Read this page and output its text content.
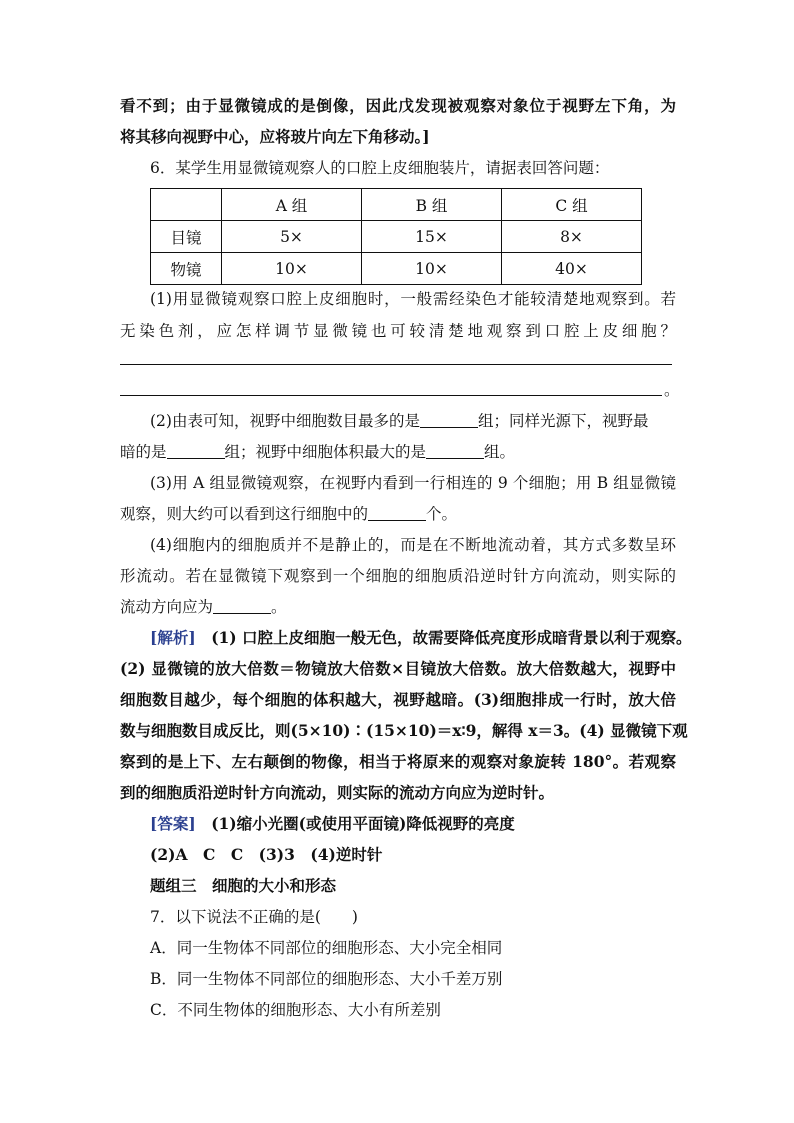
看不到；由于显微镜成的是倒像，因此戊发现被观察对象位于视野左下角，为
将其移向视野中心，应将玻片向左下角移动。]
6．某学生用显微镜观察人的口腔上皮细胞装片，请据表回答问题：
	A 组	B 组	C 组
目镜	5×	15×	8×
物镜	10×	10×	40×
(1)用显微镜观察口腔上皮细胞时，一般需经染色才能较清楚地观察到。若
无染色剂，应怎样调节显微镜也可较清楚地观察到口腔上皮细胞？
。
(2)由表可知，视野中细胞数目最多的是	组；同样光源下，视野最
暗的是	组；视野中细胞体积最大的是	组。
(3)用 A 组显微镜观察，在视野内看到一行相连的 9 个细胞；用 B 组显微镜
观察，则大约可以看到这行细胞中的	个。
(4)细胞内的细胞质并不是静止的，而是在不断地流动着，其方式多数呈环
形流动。若在显微镜下观察到一个细胞的细胞质沿逆时针方向流动，则实际的
流动方向应为	。
[解析]　 (1) 口腔上皮细胞一般无色，故需要降低亮度形成暗背景以利于观察。
(2) 显微镜的放大倍数＝物镜放大倍数×目镜放大倍数。放大倍数越大，视野中
细胞数目越少，每个细胞的体积越大，视野越暗。(3)细胞排成一行时，放大倍
数与细胞数目成反比，则(5×10)∶(15×10)＝x∶9，解得 x＝3。(4) 显微镜下观
察到的是上下、左右颠倒的物像，相当于将原来的观察对象旋转 180°。若观察
到的细胞质沿逆时针方向流动，则实际的流动方向应为逆时针。
[答案]　 (1)缩小光圈(或使用平面镜)降低视野的亮度
(2)A　C　C　(3)3　(4)逆时针
题组三　细胞的大小和形态
7．以下说法不正确的是(　　)
A．同一生物体不同部位的细胞形态、大小完全相同
B．同一生物体不同部位的细胞形态、大小千差万别
C．不同生物体的细胞形态、大小有所差别
